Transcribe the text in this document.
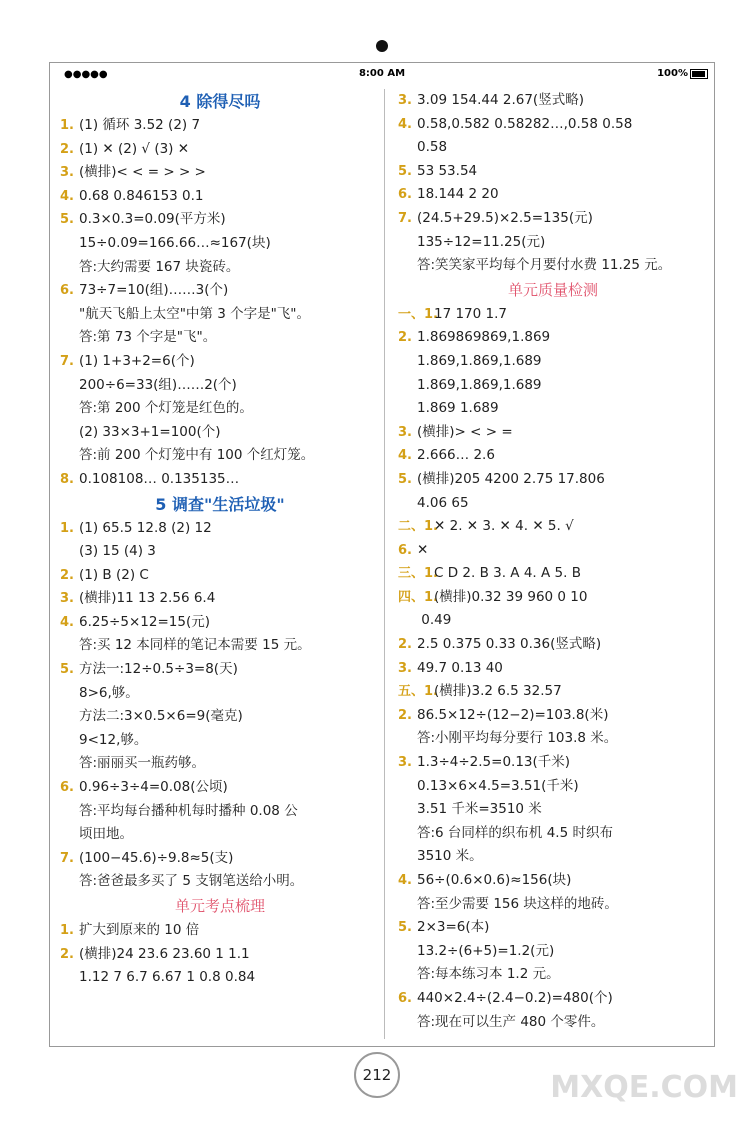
●●●●●	8:00 AM	100%
4 除得尽吗
1. (1) 循环 3.52̇ (2) 7
2. (1) ✕ (2) √ (3) ✕
3. (横排)< < = > > >
4. 0.68 0.846153 0.1
5. 0.3×0.3=0.09(平方米)
15÷0.09=166.66…≈167(块)
答:大约需要 167 块瓷砖。
6. 73÷7=10(组)……3(个)
"航天飞船上太空"中第 3 个字是"飞"。
答:第 73 个字是"飞"。
7. (1) 1+3+2=6(个)
200÷6=33(组)……2(个)
答:第 200 个灯笼是红色的。
(2) 33×3+1=100(个)
答:前 200 个灯笼中有 100 个红灯笼。
8. 0.108108… 0.135135…
5 调查"生活垃圾"
1. (1) 65.5 12.8 (2) 12
(3) 15 (4) 3
2. (1) B (2) C
3. (横排)11 13 2.56 6.4
4. 6.25÷5×12=15(元)
答:买 12 本同样的笔记本需要 15 元。
5. 方法一:12÷0.5÷3=8(天)
8>6,够。
方法二:3×0.5×6=9(毫克)
9<12,够。
答:丽丽买一瓶药够。
6. 0.96÷3÷4=0.08(公顷)
答:平均每台播种机每时播种 0.08 公
顷田地。
7. (100−45.6)÷9.8≈5(支)
答:爸爸最多买了 5 支钢笔送给小明。
单元考点梳理
1. 扩大到原来的 10 倍
2. (横排)24 23.6 23.60 1 1.1
1.12 7 6.7 6.67 1 0.8 0.84
3. 3.09 154.44 2.67(竖式略)
4. 0.58,0.582 0.58282…,0.58̇ 0.58̇
0.58
5. 53 53.54
6. 18.144 2 20
7. (24.5+29.5)×2.5=135(元)
135÷12=11.25(元)
答:笑笑家平均每个月要付水费 11.25 元。
单元质量检测
一、1.17 170 1.7
2. 1.869869869,1.869
1.869,1.869,1.689
1.869,1.869,1.689
1.869 1.689
3. (横排)> < > =
4. 2.666… 2.6̇
5. (横排)205 4200 2.75 17.806
4.06 65
二、1.✕ 2. ✕ 3. ✕ 4. ✕ 5. √
6. ✕
三、1.C D 2. B 3. A 4. A 5. B
四、1.(横排)0.32 39 960 0 10
0.49
2. 2.5 0.375 0.33 0.36(竖式略)
3. 49.7 0.13 40
五、1.(横排)3.2 6.5 32.57
2. 86.5×12÷(12−2)=103.8(米)
答:小刚平均每分要行 103.8 米。
3. 1.3÷4÷2.5=0.13(千米)
0.13×6×4.5=3.51(千米)
3.51 千米=3510 米
答:6 台同样的织布机 4.5 时织布
3510 米。
4. 56÷(0.6×0.6)≈156(块)
答:至少需要 156 块这样的地砖。
5. 2×3=6(本)
13.2÷(6+5)=1.2(元)
答:每本练习本 1.2 元。
6. 440×2.4÷(2.4−0.2)=480(个)
答:现在可以生产 480 个零件。
212	MXQE.COM
